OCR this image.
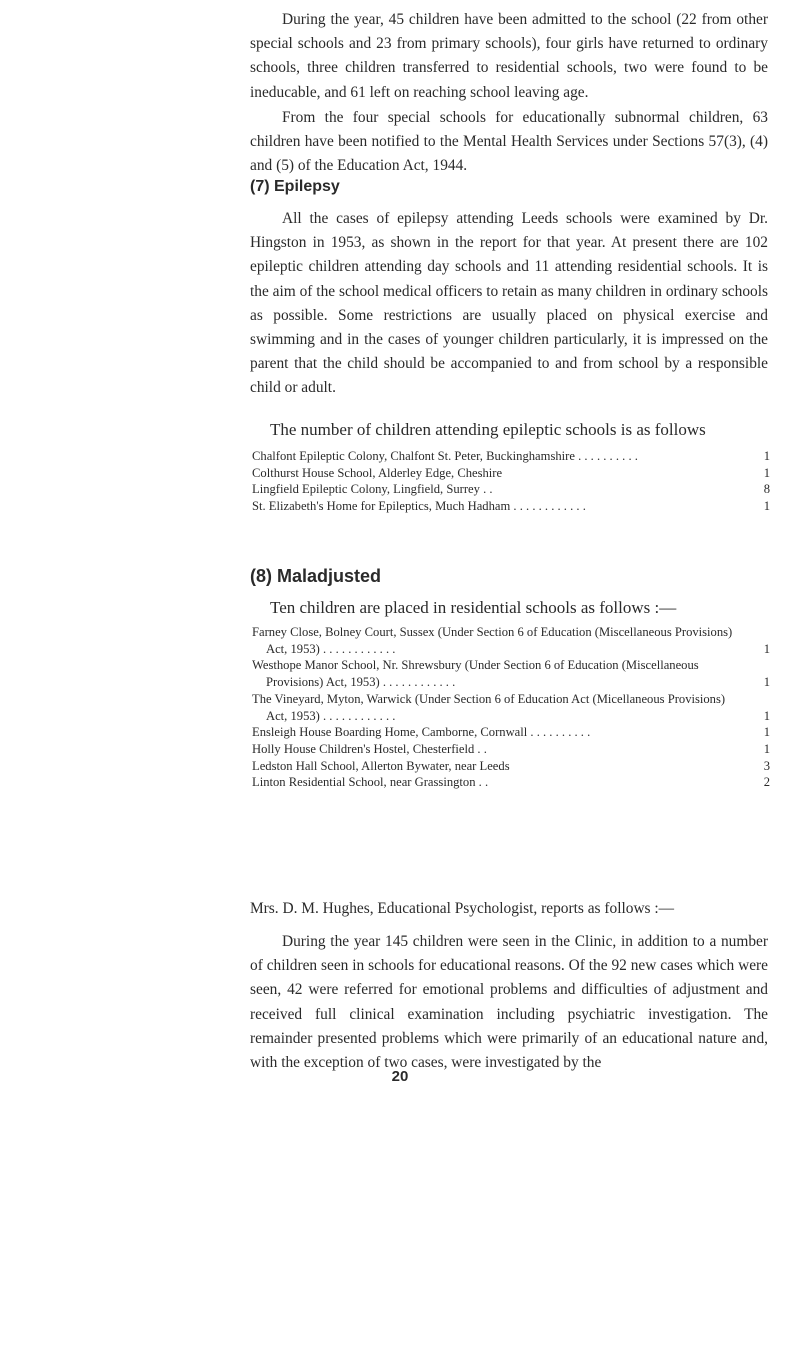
During the year, 45 children have been admitted to the school (22 from other special schools and 23 from primary schools), four girls have returned to ordinary schools, three children transferred to residential schools, two were found to be ineducable, and 61 left on reaching school leaving age.

From the four special schools for educationally subnormal children, 63 children have been notified to the Mental Health Services under Sections 57(3), (4) and (5) of the Education Act, 1944.

(7) Epilepsy

All the cases of epilepsy attending Leeds schools were examined by Dr. Hingston in 1953, as shown in the report for that year. At present there are 102 epileptic children attending day schools and 11 attending residential schools. It is the aim of the school medical officers to retain as many children in ordinary schools as possible. Some restrictions are usually placed on physical exercise and swimming and in the cases of younger children particularly, it is impressed on the parent that the child should be accompanied to and from school by a responsible child or adult.

The number of children attending epileptic schools is as follows

Chalfont Epileptic Colony, Chalfont St. Peter, Buckinghamshire . . . . . . . . . .	1
Colthurst House School, Alderley Edge, Cheshire	1
Lingfield Epileptic Colony, Lingfield, Surrey . .	8
St. Elizabeth's Home for Epileptics, Much Hadham . . . . . . . . . . . .	1
(8) Maladjusted

Ten children are placed in residential schools as follows :—

Farney Close, Bolney Court, Sussex (Under Section 6 of Education (Miscellaneous Provisions) Act, 1953) . . . . . . . . . . . .	1
Westhope Manor School, Nr. Shrewsbury (Under Section 6 of Education (Miscellaneous Provisions) Act, 1953) . . . . . . . . . . . .	1
The Vineyard, Myton, Warwick (Under Section 6 of Education Act (Micellaneous Provisions) Act, 1953) . . . . . . . . . . . .	1
Ensleigh House Boarding Home, Camborne, Cornwall . . . . . . . . . .	1
Holly House Children's Hostel, Chesterfield . .	1
Ledston Hall School, Allerton Bywater, near Leeds	3
Linton Residential School, near Grassington . .	2

Mrs. D. M. Hughes, Educational Psychologist, reports as follows :—

During the year 145 children were seen in the Clinic, in addition to a number of children seen in schools for educational reasons. Of the 92 new cases which were seen, 42 were referred for emotional problems and difficulties of adjustment and received full clinical examination including psychiatric investigation. The remainder presented problems which were primarily of an educational nature and, with the exception of two cases, were investigated by the

20
